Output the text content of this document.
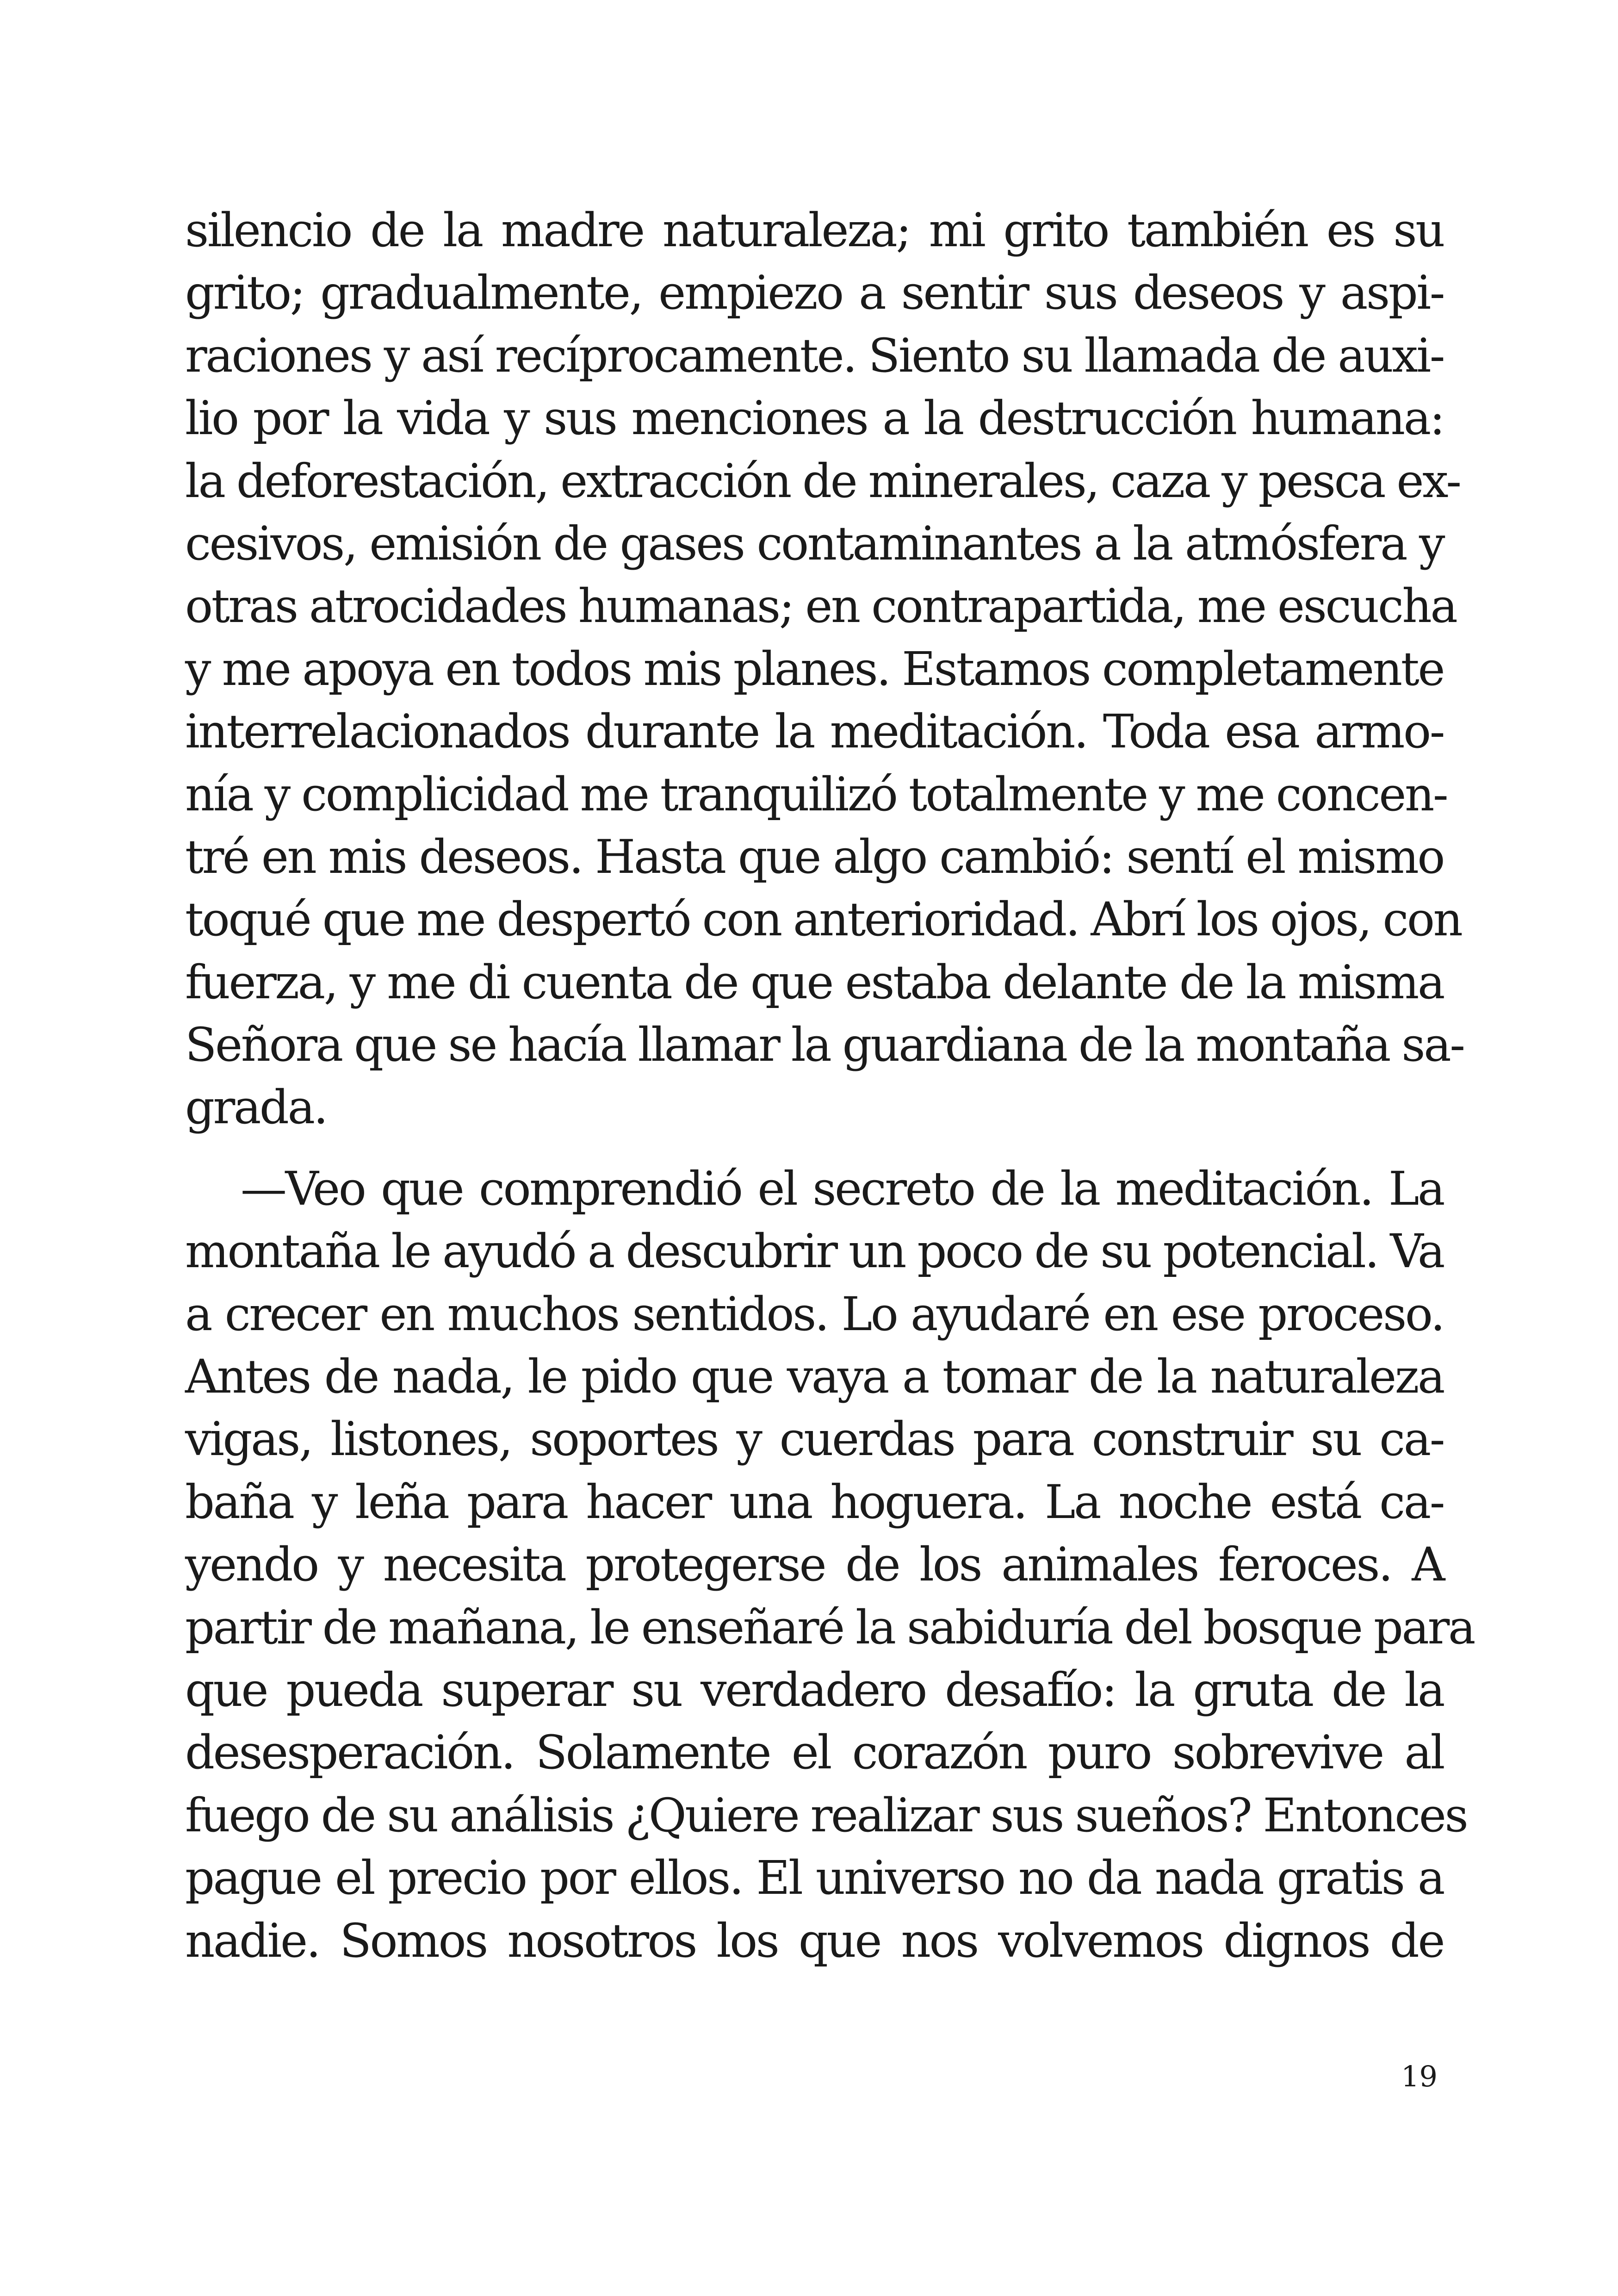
silencio de la madre naturaleza; mi grito también es su
grito; gradualmente, empiezo a sentir sus deseos y aspi-
raciones y así recíprocamente. Siento su llamada de auxi-
lio por la vida y sus menciones a la destrucción humana:
la deforestación, extracción de minerales, caza y pesca ex-
cesivos, emisión de gases contaminantes a la atmósfera y
otras atrocidades humanas; en contrapartida, me escucha
y me apoya en todos mis planes. Estamos completamente
interrelacionados durante la meditación. Toda esa armo-
nía y complicidad me tranquilizó totalmente y me concen-
tré en mis deseos. Hasta que algo cambió: sentí el mismo
toqué que me despertó con anterioridad. Abrí los ojos, con
fuerza, y me di cuenta de que estaba delante de la misma
Señora que se hacía llamar la guardiana de la montaña sa-
grada.
—Veo que comprendió el secreto de la meditación. La
montaña le ayudó a descubrir un poco de su potencial. Va
a crecer en muchos sentidos. Lo ayudaré en ese proceso.
Antes de nada, le pido que vaya a tomar de la naturaleza
vigas, listones, soportes y cuerdas para construir su ca-
baña y leña para hacer una hoguera. La noche está ca-
yendo y necesita protegerse de los animales feroces. A
partir de mañana, le enseñaré la sabiduría del bosque para
que pueda superar su verdadero desafío: la gruta de la
desesperación. Solamente el corazón puro sobrevive al
fuego de su análisis ¿Quiere realizar sus sueños? Entonces
pague el precio por ellos. El universo no da nada gratis a
nadie. Somos nosotros los que nos volvemos dignos de
19
